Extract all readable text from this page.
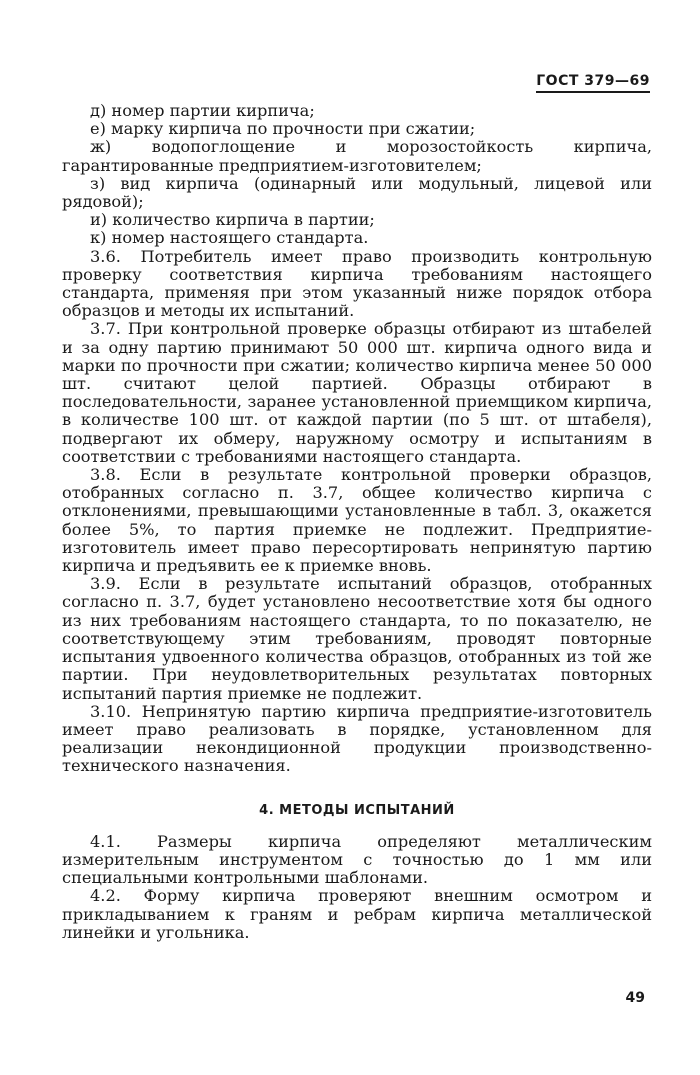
ГОСТ 379—69

д) номер партии кирпича;

е) марку кирпича по прочности при сжатии;

ж) водопоглощение и морозостойкость кирпича, гарантированные предприятием-изготовителем;

з) вид кирпича (одинарный или модульный, лицевой или рядовой);

и) количество кирпича в партии;

к) номер настоящего стандарта.

3.6. Потребитель имеет право производить контрольную проверку соответствия кирпича требованиям настоящего стандарта, применяя при этом указанный ниже порядок отбора образцов и методы их испытаний.

3.7. При контрольной проверке образцы отбирают из штабелей и за одну партию принимают 50 000 шт. кирпича одного вида и марки по прочности при сжатии; количество кирпича менее 50 000 шт. считают целой партией. Образцы отбирают в последовательности, заранее установленной приемщиком кирпича, в количестве 100 шт. от каждой партии (по 5 шт. от штабеля), подвергают их обмеру, наружному осмотру и испытаниям в соответствии с требованиями настоящего стандарта.

3.8. Если в результате контрольной проверки образцов, отобранных согласно п. 3.7, общее количество кирпича с отклонениями, превышающими установленные в табл. 3, окажется более 5%, то партия приемке не подлежит. Предприятие-изготовитель имеет право пересортировать непринятую партию кирпича и предъявить ее к приемке вновь.

3.9. Если в результате испытаний образцов, отобранных согласно п. 3.7, будет установлено несоответствие хотя бы одного из них требованиям настоящего стандарта, то по показателю, не соответствующему этим требованиям, проводят повторные испытания удвоенного количества образцов, отобранных из той же партии. При неудовлетворительных результатах повторных испытаний партия приемке не подлежит.

3.10. Непринятую партию кирпича предприятие-изготовитель имеет право реализовать в порядке, установленном для реализации некондиционной продукции производственно-технического назначения.

4. МЕТОДЫ ИСПЫТАНИЙ

4.1. Размеры кирпича определяют металлическим измерительным инструментом с точностью до 1 мм или специальными контрольными шаблонами.

4.2. Форму кирпича проверяют внешним осмотром и прикладыванием к граням и ребрам кирпича металлической линейки и угольника.

49
